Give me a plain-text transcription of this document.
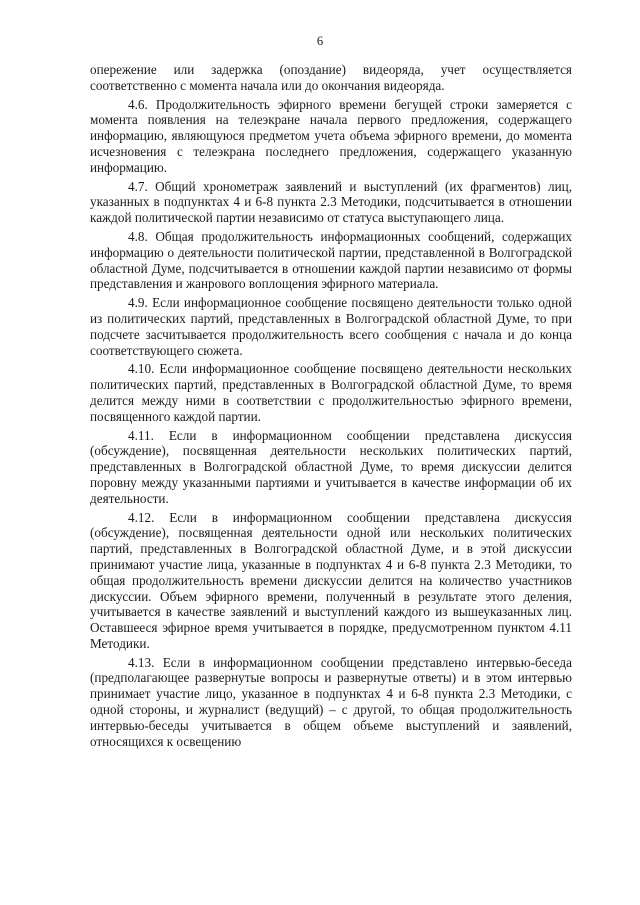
6

опережение или задержка (опоздание) видеоряда, учет осуществляется соответственно с момента начала или до окончания видеоряда.

4.6. Продолжительность эфирного времени бегущей строки замеряется с момента появления на телеэкране начала первого предложения, содержащего информацию, являющуюся предметом учета объема эфирного времени, до момента исчезновения с телеэкрана последнего предложения, содержащего указанную информацию.

4.7. Общий хронометраж заявлений и выступлений (их фрагментов) лиц, указанных в подпунктах 4 и 6-8 пункта 2.3 Методики, подсчитывается в отношении каждой политической партии независимо от статуса выступающего лица.

4.8. Общая продолжительность информационных сообщений, содержащих информацию о деятельности политической партии, представленной в Волгоградской областной Думе, подсчитывается в отношении каждой партии независимо от формы представления и жанрового воплощения эфирного материала.

4.9. Если информационное сообщение посвящено деятельности только одной из политических партий, представленных в Волгоградской областной Думе, то при подсчете засчитывается продолжительность всего сообщения с начала и до конца соответствующего сюжета.

4.10. Если информационное сообщение посвящено деятельности нескольких политических партий, представленных в Волгоградской областной Думе, то время делится между ними в соответствии с продолжительностью эфирного времени, посвященного каждой партии.

4.11. Если в информационном сообщении представлена дискуссия (обсуждение), посвященная деятельности нескольких политических партий, представленных в Волгоградской областной Думе, то время дискуссии делится поровну между указанными партиями и учитывается в качестве информации об их деятельности.

4.12. Если в информационном сообщении представлена дискуссия (обсуждение), посвященная деятельности одной или нескольких политических партий, представленных в Волгоградской областной Думе, и в этой дискуссии принимают участие лица, указанные в подпунктах 4 и 6-8 пункта 2.3 Методики, то общая продолжительность времени дискуссии делится на количество участников дискуссии. Объем эфирного времени, полученный в результате этого деления, учитывается в качестве заявлений и выступлений каждого из вышеуказанных лиц. Оставшееся эфирное время учитывается в порядке, предусмотренном пунктом 4.11 Методики.

4.13. Если в информационном сообщении представлено интервью-беседа (предполагающее развернутые вопросы и развернутые ответы) и в этом интервью принимает участие лицо, указанное в подпунктах 4 и 6-8 пункта 2.3 Методики, с одной стороны, и журналист (ведущий) – с другой, то общая продолжительность интервью-беседы учитывается в общем объеме выступлений и заявлений, относящихся к освещению
